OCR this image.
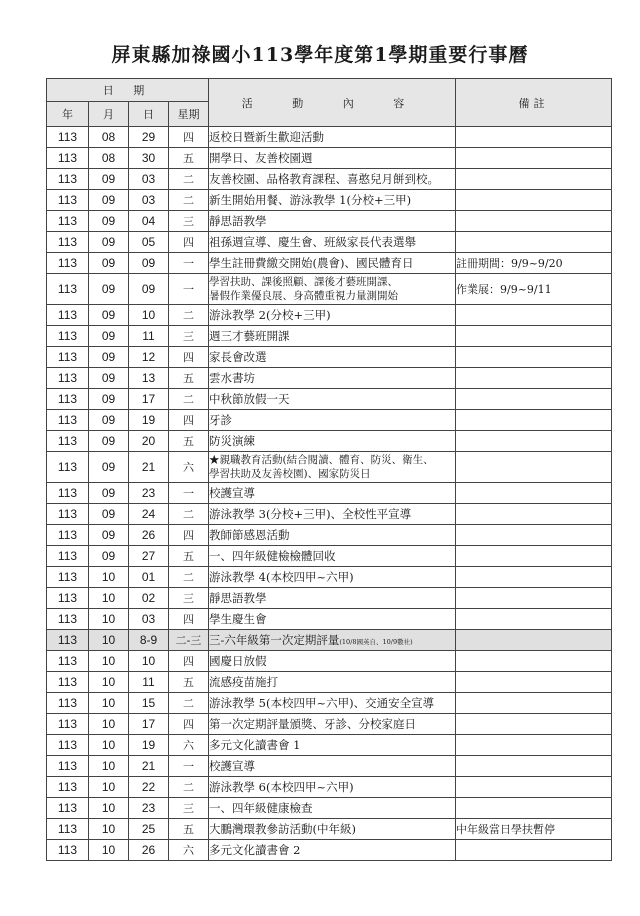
屏東縣加祿國小113學年度第1學期重要行事曆
日 期				活 動 內 容	備註
年	月	日	星期		
113	08	29	四	返校日暨新生歡迎活動	
113	08	30	五	開學日、友善校園週	
113	09	03	二	友善校園、品格教育課程、喜憨兒月餅到校。	
113	09	03	二	新生開始用餐、游泳教學 1(分校+三甲)	
113	09	04	三	靜思語教學	
113	09	05	四	祖孫週宣導、慶生會、班級家長代表選舉	
113	09	09	一	學生註冊費繳交開始(農會)、國民體育日	註冊期間：9/9~9/20
113	09	09	一	學習扶助、課後照顧、課後才藝班開課、
暑假作業優良展、身高體重視力量測開始	作業展：9/9~9/11
113	09	10	二	游泳教學 2(分校+三甲)	
113	09	11	三	週三才藝班開課	
113	09	12	四	家長會改選	
113	09	13	五	雲水書坊	
113	09	17	二	中秋節放假一天	
113	09	19	四	牙診	
113	09	20	五	防災演練	
113	09	21	六	★親職教育活動(結合閱讀、體育、防災、衛生、
學習扶助及友善校園)、國家防災日	

113	09	23	一	校護宣導	
113	09	24	二	游泳教學 3(分校+三甲)、全校性平宣導	
113	09	26	四	教師節感恩活動	
113	09	27	五	一、四年級健檢檢體回收	
113	10	01	二	游泳教學 4(本校四甲~六甲)	
113	10	02	三	靜思語教學	
113	10	03	四	學生慶生會	
113	10	8-9	二-三	三-六年級第一次定期評量(10/8國英自、10/9數社)	
113	10	10	四	國慶日放假	
113	10	11	五	流感疫苗施打	
113	10	15	二	游泳教學 5(本校四甲~六甲)、交通安全宣導	
113	10	17	四	第一次定期評量頒獎、牙診、分校家庭日	
113	10	19	六	多元文化讀書會 1	
113	10	21	一	校護宣導	
113	10	22	二	游泳教學 6(本校四甲~六甲)	
113	10	23	三	一、四年級健康檢查	
113	10	25	五	大鵬灣環教參訪活動(中年級)	中年級當日學扶暫停
113	10	26	六	多元文化讀書會 2	
